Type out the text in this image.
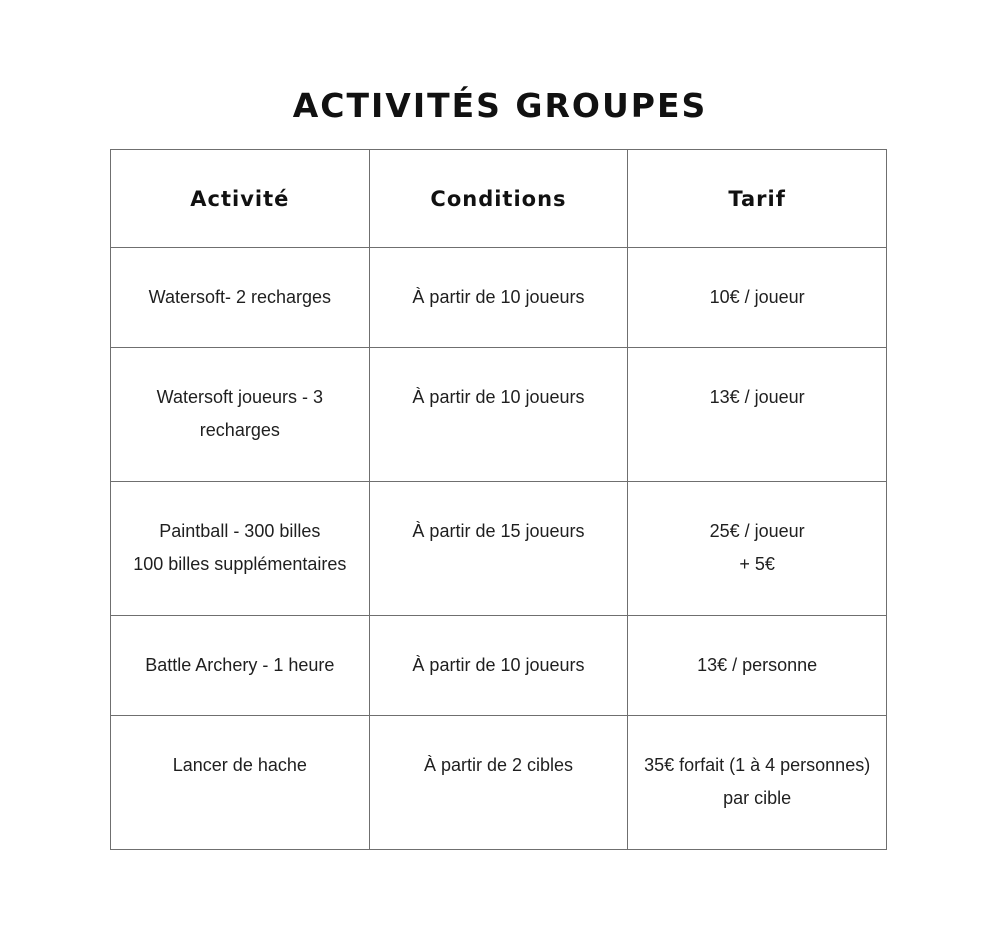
ACTIVITÉS GROUPES
Activité	Conditions	Tarif

Watersoft- 2 recharges	À partir de 10 joueurs	10€ / joueur

Watersoft joueurs - 3
recharges	À partir de 10 joueurs	13€ / joueur

Paintball - 300 billes
100 billes supplémentaires	À partir de 15 joueurs	25€ / joueur
+ 5€

Battle Archery - 1 heure	À partir de 10 joueurs	13€ / personne

Lancer de hache	À partir de 2 cibles	35€ forfait (1 à 4 personnes)
par cible
